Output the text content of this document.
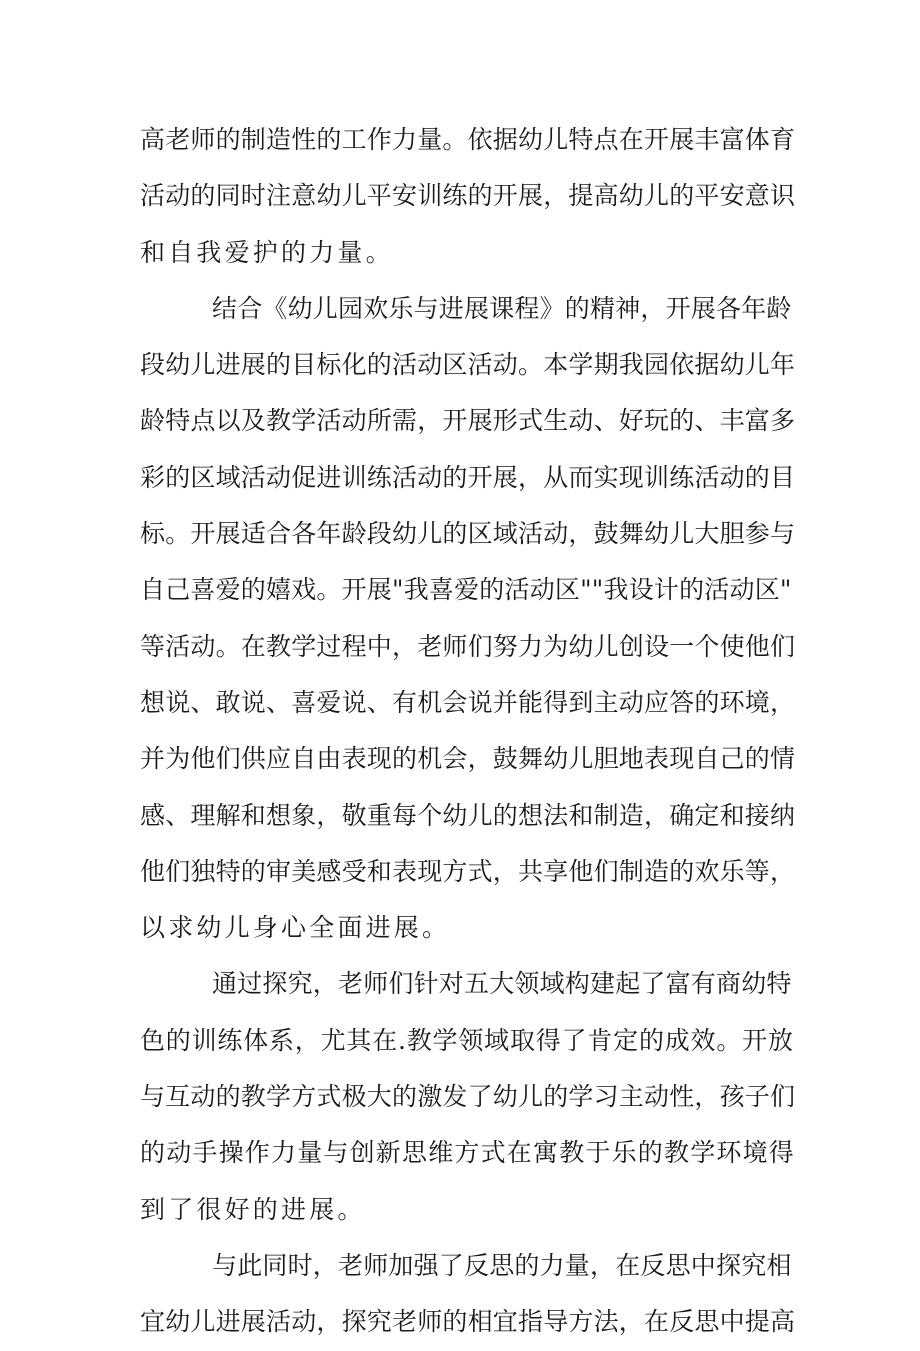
高老师的制造性的工作力量。依据幼儿特点在开展丰富体育
活动的同时注意幼儿平安训练的开展，提高幼儿的平安意识
和自我爱护的力量。
结合《幼儿园欢乐与进展课程》的精神，开展各年龄
段幼儿进展的目标化的活动区活动。本学期我园依据幼儿年
龄特点以及教学活动所需，开展形式生动、好玩的、丰富多
彩的区域活动促进训练活动的开展，从而实现训练活动的目
标。开展适合各年龄段幼儿的区域活动，鼓舞幼儿大胆参与
自己喜爱的嬉戏。开展"我喜爱的活动区""我设计的活动区"
等活动。在教学过程中，老师们努力为幼儿创设一个使他们
想说、敢说、喜爱说、有机会说并能得到主动应答的环境，
并为他们供应自由表现的机会，鼓舞幼儿胆地表现自己的情
感、理解和想象，敬重每个幼儿的想法和制造，确定和接纳
他们独特的审美感受和表现方式，共享他们制造的欢乐等，
以求幼儿身心全面进展。
通过探究，老师们针对五大领域构建起了富有商幼特
色的训练体系，尤其在.教学领域取得了肯定的成效。开放
与互动的教学方式极大的激发了幼儿的学习主动性，孩子们
的动手操作力量与创新思维方式在寓教于乐的教学环境得
到了很好的进展。
与此同时，老师加强了反思的力量，在反思中探究相
宜幼儿进展活动，探究老师的相宜指导方法，在反思中提高
